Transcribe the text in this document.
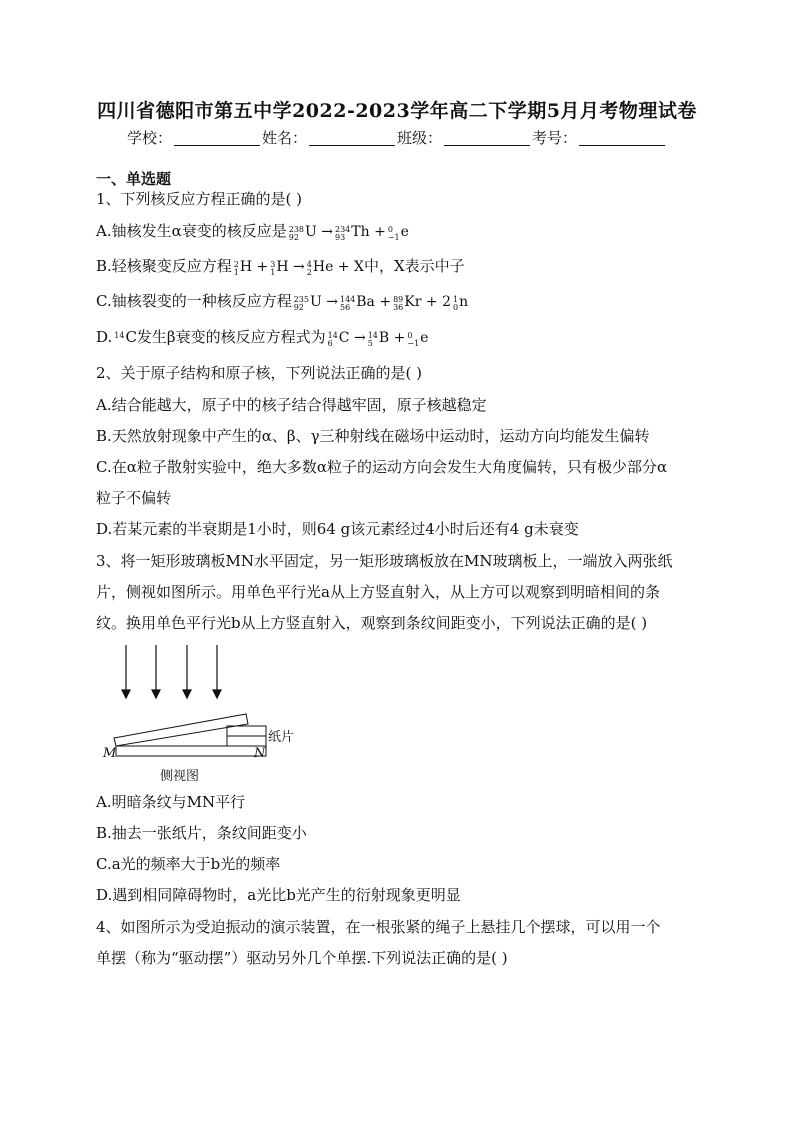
四川省德阳市第五中学2022-2023学年高二下学期5月月考物理试卷
学校：	姓名：	班级：	考号：
一、单选题
1、下列核反应方程正确的是( )
A.铀核发生α衰变的核反应是 238
92 U → 234
93 Th + 0
−1 e
B.轻核聚变反应方程 2
1 H + 3
1 H → 4
2 He + X中，X表示中子
C.铀核裂变的一种核反应方程 235
92 U → 144
56 Ba + 89
36 Kr + 2 1
0 n
D. 14 C发生β衰变的核反应方程式为 14
6 C → 14
5 B + 0
−1 e
2、关于原子结构和原子核，下列说法正确的是( )
A.结合能越大，原子中的核子结合得越牢固，原子核越稳定
B.天然放射现象中产生的α、β、γ三种射线在磁场中运动时，运动方向均能发生偏转
C.在α粒子散射实验中，绝大多数α粒子的运动方向会发生大角度偏转，只有极少部分α
粒子不偏转
D.若某元素的半衰期是1小时，则64 g该元素经过4小时后还有4 g未衰变
3、将一矩形玻璃板MN水平固定，另一矩形玻璃板放在MN玻璃板上，一端放入两张纸
片，侧视如图所示。用单色平行光a从上方竖直射入，从上方可以观察到明暗相间的条
纹。换用单色平行光b从上方竖直射入，观察到条纹间距变小，下列说法正确的是( )
纸片
M	N
侧视图
A.明暗条纹与MN平行
B.抽去一张纸片，条纹间距变小
C.a光的频率大于b光的频率
D.遇到相同障碍物时，a光比b光产生的衍射现象更明显
4、如图所示为受迫振动的演示装置，在一根张紧的绳子上悬挂几个摆球，可以用一个
单摆（称为“驱动摆”）驱动另外几个单摆.下列说法正确的是( )
